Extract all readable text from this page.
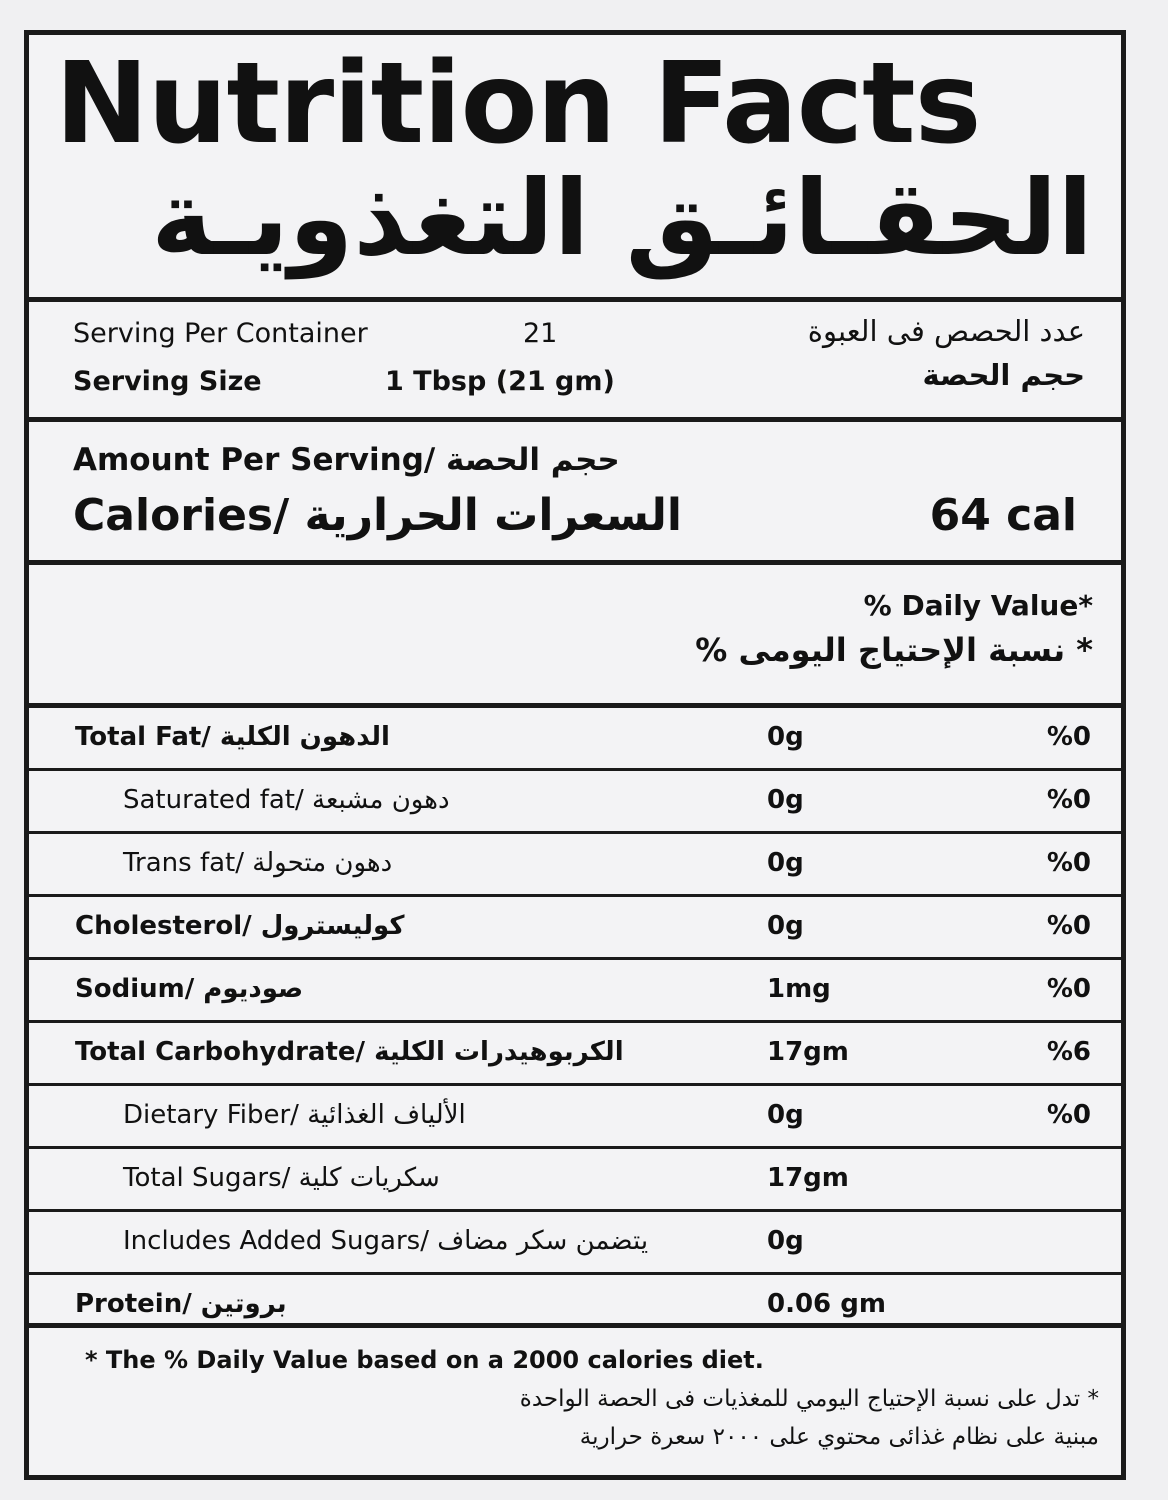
Nutrition Facts
الحقـائـق التغذويـة
Serving Per Container	21	عدد الحصص فى العبوة
Serving Size	1 Tbsp (21 gm)	حجم الحصة
Amount Per Serving/ حجم الحصة
Calories/ السعرات الحرارية	64 cal
% Daily Value*
* نسبة الإحتياج اليومى %
Total Fat/ الدهون الكلية	0g	%0
Saturated fat/ دهون مشبعة	0g	%0
Trans fat/ دهون متحولة	0g	%0
Cholesterol/ كوليسترول	0g	%0
Sodium/ صوديوم	1mg	%0
Total Carbohydrate/ الكربوهيدرات الكلية	17gm	%6
Dietary Fiber/ الألياف الغذائية	0g	%0
Total Sugars/ سكريات كلية	17gm
Includes Added Sugars/ يتضمن سكر مضاف	0g
Protein/ بروتين	0.06 gm
* The % Daily Value based on a 2000 calories diet.
* تدل على نسبة الإحتياج اليومي للمغذيات فى الحصة الواحدة
مبنية على نظام غذائى محتوي على ٢٠٠٠ سعرة حرارية
